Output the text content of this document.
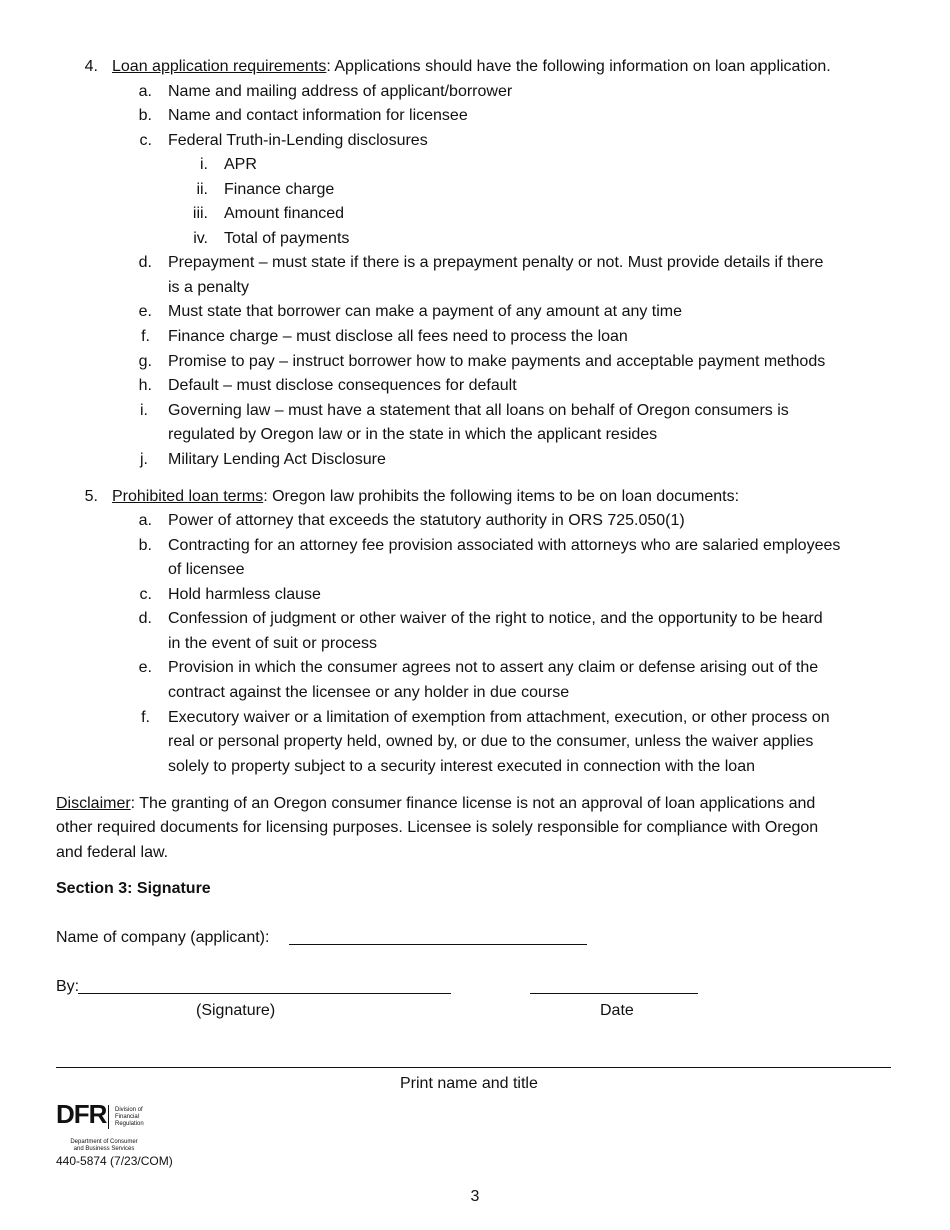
4. Loan application requirements: Applications should have the following information on loan application.
a. Name and mailing address of applicant/borrower
b. Name and contact information for licensee
c. Federal Truth-in-Lending disclosures
i. APR
ii. Finance charge
iii. Amount financed
iv. Total of payments
d. Prepayment – must state if there is a prepayment penalty or not. Must provide details if there
is a penalty
e. Must state that borrower can make a payment of any amount at any time
f. Finance charge – must disclose all fees need to process the loan
g. Promise to pay – instruct borrower how to make payments and acceptable payment methods
h. Default – must disclose consequences for default
i. Governing law – must have a statement that all loans on behalf of Oregon consumers is
regulated by Oregon law or in the state in which the applicant resides
j. Military Lending Act Disclosure
5. Prohibited loan terms: Oregon law prohibits the following items to be on loan documents:
a. Power of attorney that exceeds the statutory authority in ORS 725.050(1)
b. Contracting for an attorney fee provision associated with attorneys who are salaried employees
of licensee
c. Hold harmless clause
d. Confession of judgment or other waiver of the right to notice, and the opportunity to be heard
in the event of suit or process
e. Provision in which the consumer agrees not to assert any claim or defense arising out of the
contract against the licensee or any holder in due course
f. Executory waiver or a limitation of exemption from attachment, execution, or other process on
real or personal property held, owned by, or due to the consumer, unless the waiver applies
solely to property subject to a security interest executed in connection with the loan
Disclaimer: The granting of an Oregon consumer finance license is not an approval of loan applications and
other required documents for licensing purposes. Licensee is solely responsible for compliance with Oregon
and federal law.
Section 3: Signature
Name of company (applicant):
By:
(Signature)	Date
Print name and title
DFR Division of
Financial
Regulation
Department of Consumer
and Business Services
440-5874 (7/23/COM)
3
